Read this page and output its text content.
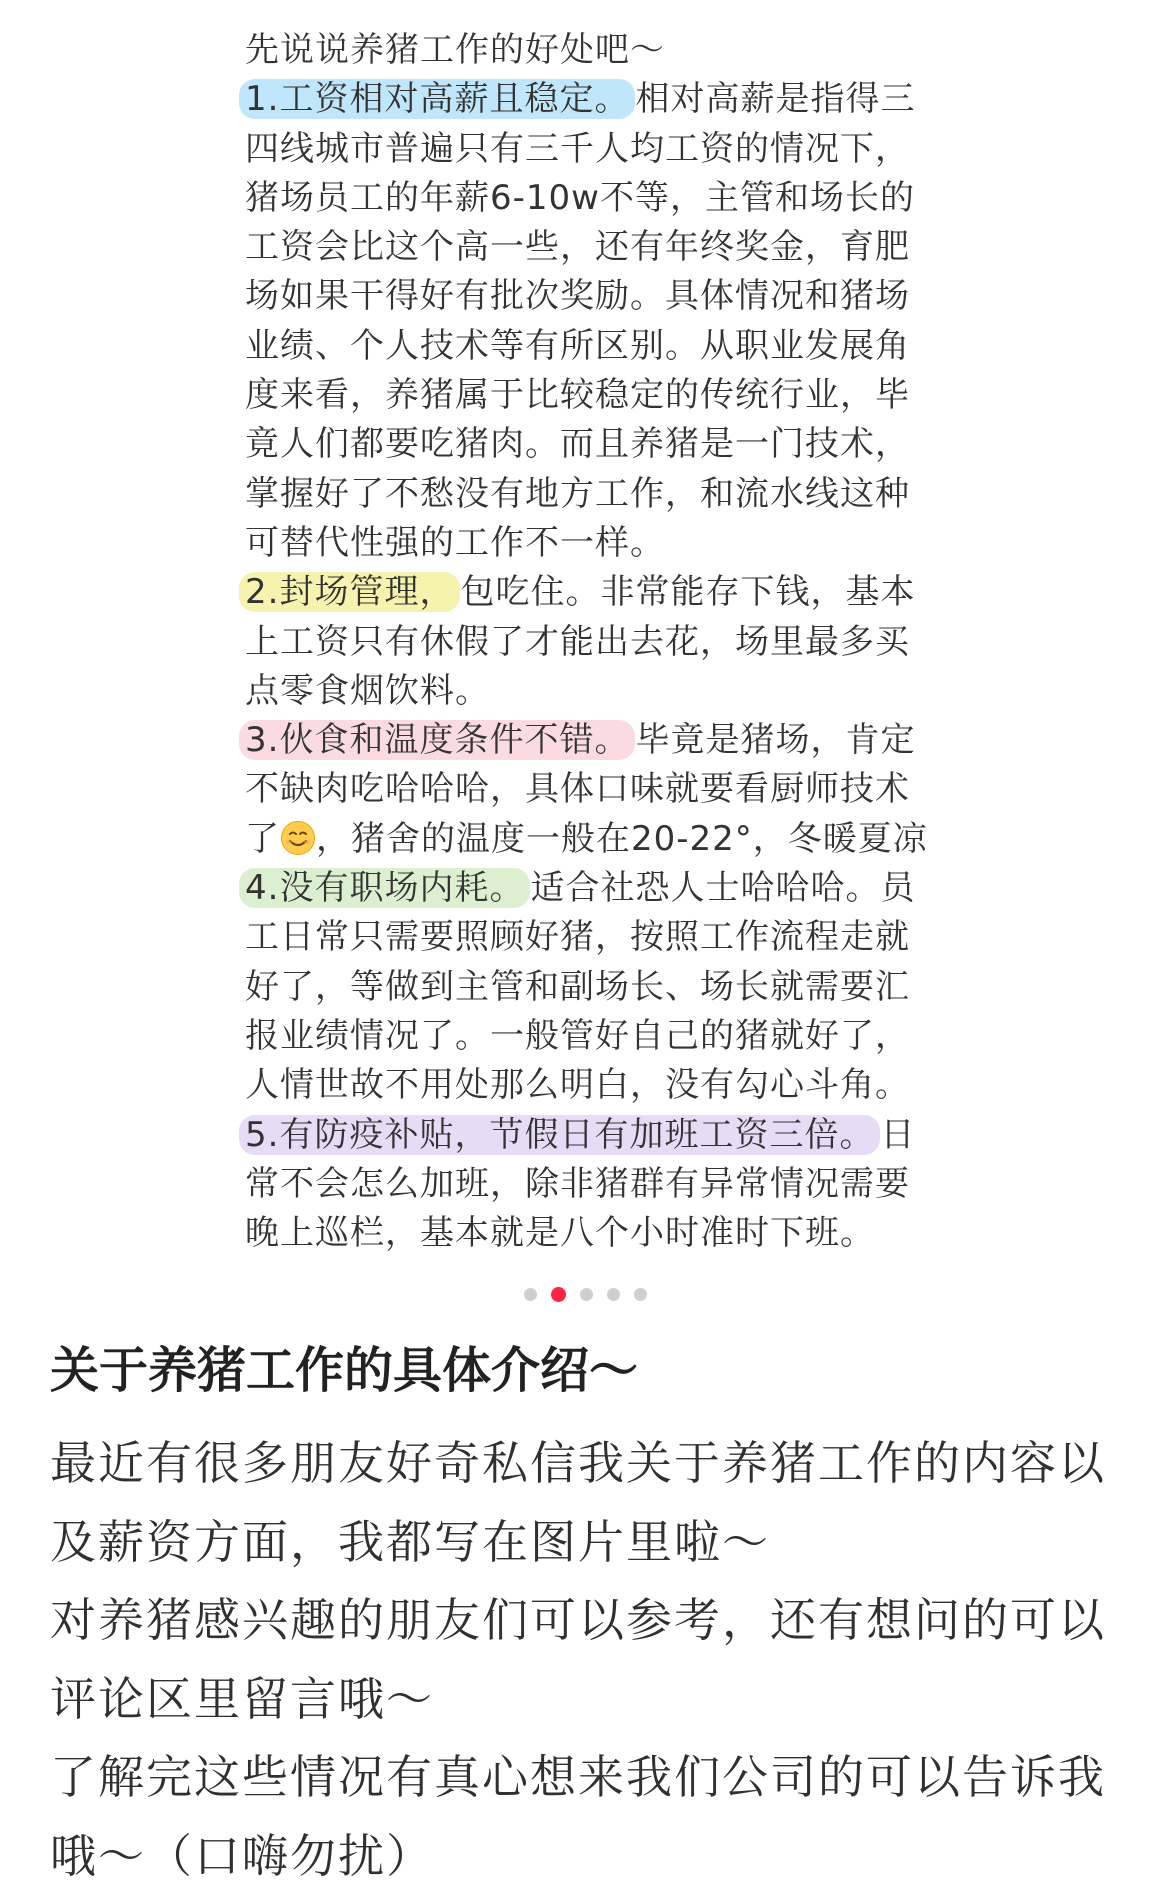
先说说养猪工作的好处吧～

1.工资相对高薪且稳定。 相对高薪是指得三四线城市普遍只有三千人均工资的情况下，猪场员工的年薪6-10w不等，主管和场长的工资会比这个高一些，还有年终奖金，育肥场如果干得好有批次奖励。具体情况和猪场业绩、个人技术等有所区别。从职业发展角度来看，养猪属于比较稳定的传统行业，毕竟人们都要吃猪肉。而且养猪是一门技术，掌握好了不愁没有地方工作，和流水线这种可替代性强的工作不一样。

2.封场管理， 包吃住。非常能存下钱，基本上工资只有休假了才能出去花，场里最多买点零食烟饮料。

3.伙食和温度条件不错。 毕竟是猪场，肯定不缺肉吃哈哈哈，具体口味就要看厨师技术了 ，猪舍的温度一般在20-22°，冬暖夏凉

4.没有职场内耗。 适合社恐人士哈哈哈。员工日常只需要照顾好猪，按照工作流程走就好了，等做到主管和副场长、场长就需要汇报业绩情况了。一般管好自己的猪就好了，人情世故不用处那么明白，没有勾心斗角。

5.有防疫补贴，节假日有加班工资三倍。 日常不会怎么加班，除非猪群有异常情况需要晚上巡栏，基本就是八个小时准时下班。

关于养猪工作的具体介绍～

最近有很多朋友好奇私信我关于养猪工作的内容以及薪资方面，我都写在图片里啦～

对养猪感兴趣的朋友们可以参考，还有想问的可以评论区里留言哦～

了解完这些情况有真心想来我们公司的可以告诉我哦～（口嗨勿扰）
